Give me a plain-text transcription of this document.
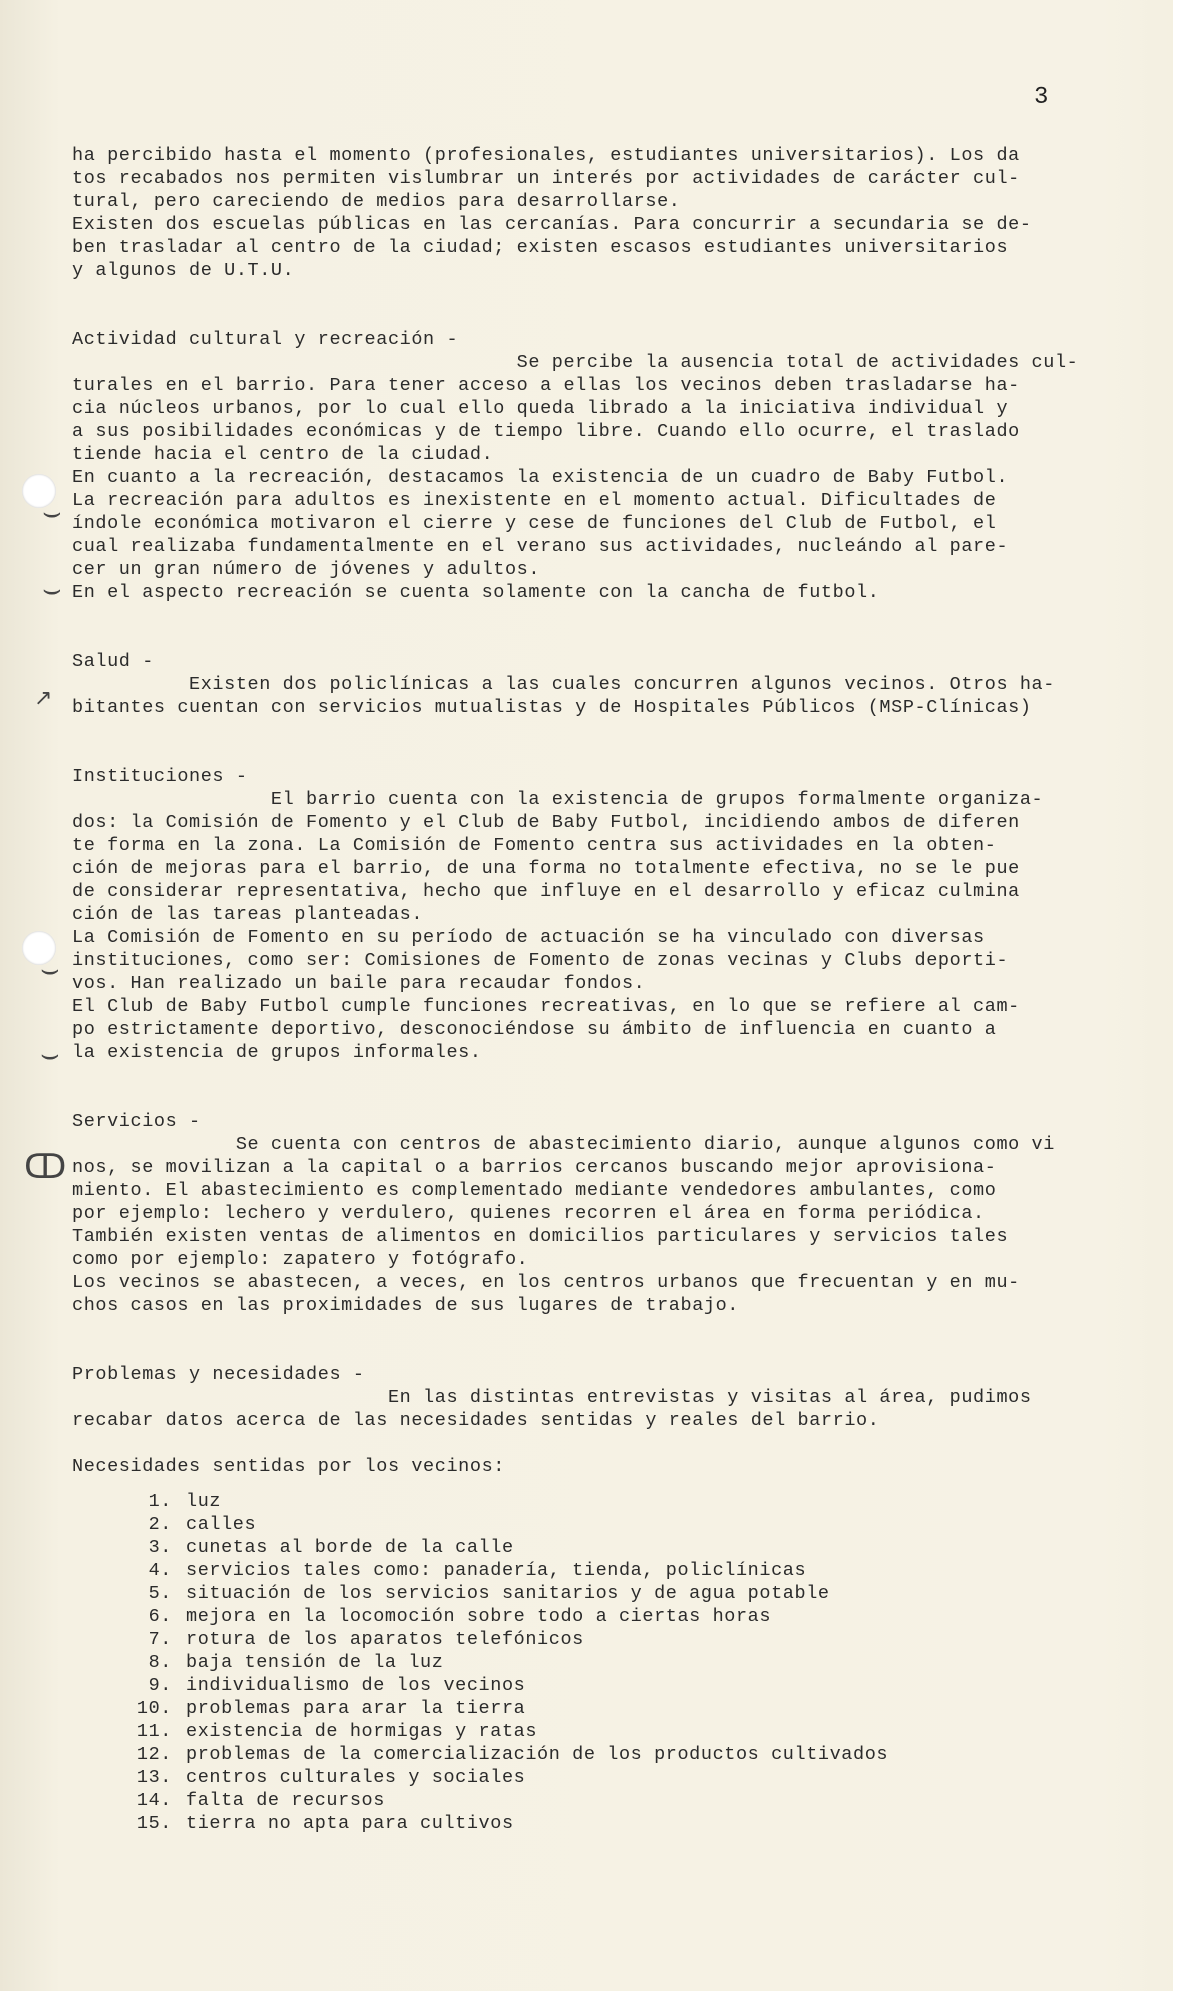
⌣
⌣
↗
⌣
⌣
ↀ
3

ha percibido hasta el momento (profesionales, estudiantes universitarios). Los da

tos recabados nos permiten vislumbrar un interés por actividades de carácter cul-

tural, pero careciendo de medios para desarrollarse.

Existen dos escuelas públicas en las cercanías. Para concurrir a secundaria se de-

ben trasladar al centro de la ciudad; existen escasos estudiantes universitarios

y algunos de U.T.U.

Actividad cultural y recreación -

Se percibe la ausencia total de actividades cul-

turales en el barrio. Para tener acceso a ellas los vecinos deben trasladarse ha-

cia núcleos urbanos, por lo cual ello queda librado a la iniciativa individual y

a sus posibilidades económicas y de tiempo libre. Cuando ello ocurre, el traslado

tiende hacia el centro de la ciudad.

En cuanto a la recreación, destacamos la existencia de un cuadro de Baby Futbol.

La recreación para adultos es inexistente en el momento actual. Dificultades de

índole económica motivaron el cierre y cese de funciones del Club de Futbol, el

cual realizaba fundamentalmente en el verano sus actividades, nucleándo al pare-

cer un gran número de jóvenes y adultos.

En el aspecto recreación se cuenta solamente con la cancha de futbol.

Salud -

Existen dos policlínicas a las cuales concurren algunos vecinos. Otros ha-

bitantes cuentan con servicios mutualistas y de Hospitales Públicos (MSP-Clínicas)

Instituciones -

El barrio cuenta con la existencia de grupos formalmente organiza-

dos: la Comisión de Fomento y el Club de Baby Futbol, incidiendo ambos de diferen

te forma en la zona. La Comisión de Fomento centra sus actividades en la obten-

ción de mejoras para el barrio, de una forma no totalmente efectiva, no se le pue

de considerar representativa, hecho que influye en el desarrollo y eficaz culmina

ción de las tareas planteadas.

La Comisión de Fomento en su período de actuación se ha vinculado con diversas

instituciones, como ser: Comisiones de Fomento de zonas vecinas y Clubs deporti-

vos. Han realizado un baile para recaudar fondos.

El Club de Baby Futbol cumple funciones recreativas, en lo que se refiere al cam-

po estrictamente deportivo, desconociéndose su ámbito de influencia en cuanto a

la existencia de grupos informales.

Servicios -

Se cuenta con centros de abastecimiento diario, aunque algunos como vi

nos, se movilizan a la capital o a barrios cercanos buscando mejor aprovisiona-

miento. El abastecimiento es complementado mediante vendedores ambulantes, como

por ejemplo: lechero y verdulero, quienes recorren el área en forma periódica.

También existen ventas de alimentos en domicilios particulares y servicios tales

como por ejemplo: zapatero y fotógrafo.

Los vecinos se abastecen, a veces, en los centros urbanos que frecuentan y en mu-

chos casos en las proximidades de sus lugares de trabajo.

Problemas y necesidades -

En las distintas entrevistas y visitas al área, pudimos

recabar datos acerca de las necesidades sentidas y reales del barrio.

Necesidades sentidas por los vecinos:

1. luz
2. calles
3. cunetas al borde de la calle
4. servicios tales como: panadería, tienda, policlínicas
5. situación de los servicios sanitarios y de agua potable
6. mejora en la locomoción sobre todo a ciertas horas
7. rotura de los aparatos telefónicos
8. baja tensión de la luz
9. individualismo de los vecinos
10. problemas para arar la tierra
11. existencia de hormigas y ratas
12. problemas de la comercialización de los productos cultivados
13. centros culturales y sociales
14. falta de recursos
15. tierra no apta para cultivos
